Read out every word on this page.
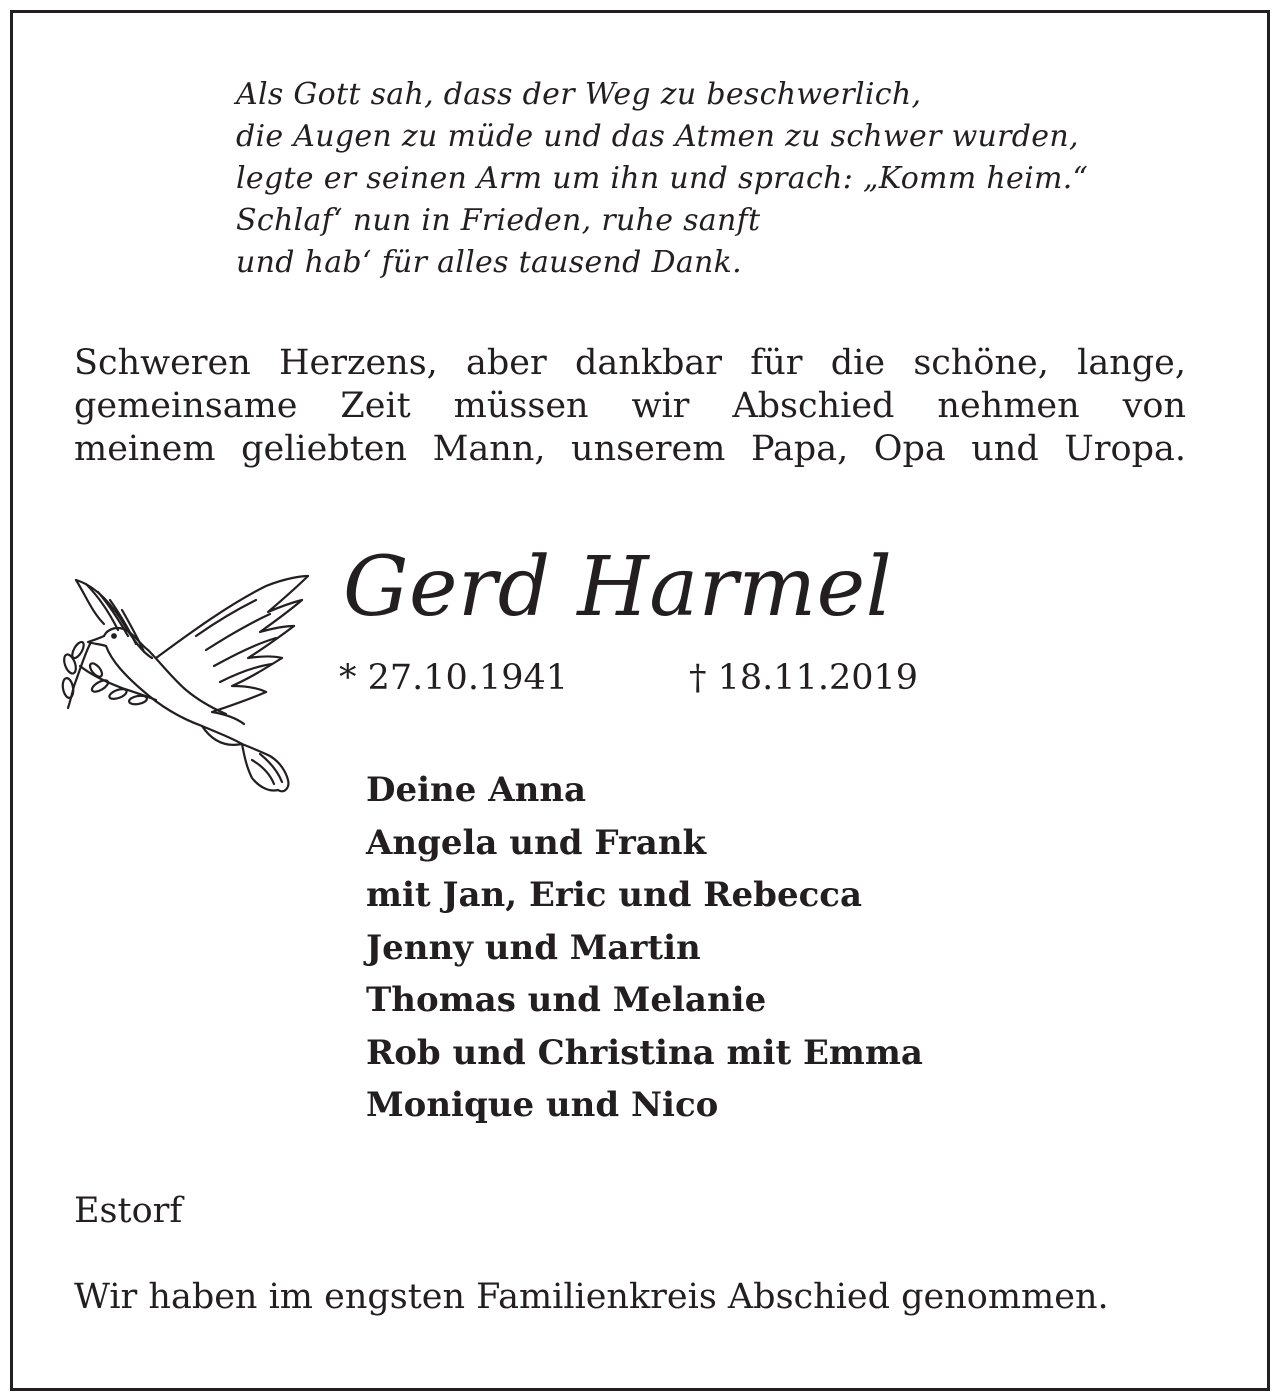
Als Gott sah, dass der Weg zu beschwerlich,
die Augen zu müde und das Atmen zu schwer wurden,
legte er seinen Arm um ihn und sprach: „Komm heim.“
Schlaf‘ nun in Frieden, ruhe sanft
und hab‘ für alles tausend Dank.
Schweren Herzens, aber dankbar für die schöne, lange,
gemeinsame Zeit müssen wir Abschied nehmen von
meinem geliebten Mann, unserem Papa, Opa und Uropa.
Gerd Harmel
* 27.10.1941	† 18.11.2019
Deine Anna
Angela und Frank
mit Jan, Eric und Rebecca
Jenny und Martin
Thomas und Melanie
Rob und Christina mit Emma
Monique und Nico
Estorf
Wir haben im engsten Familienkreis Abschied genommen.
